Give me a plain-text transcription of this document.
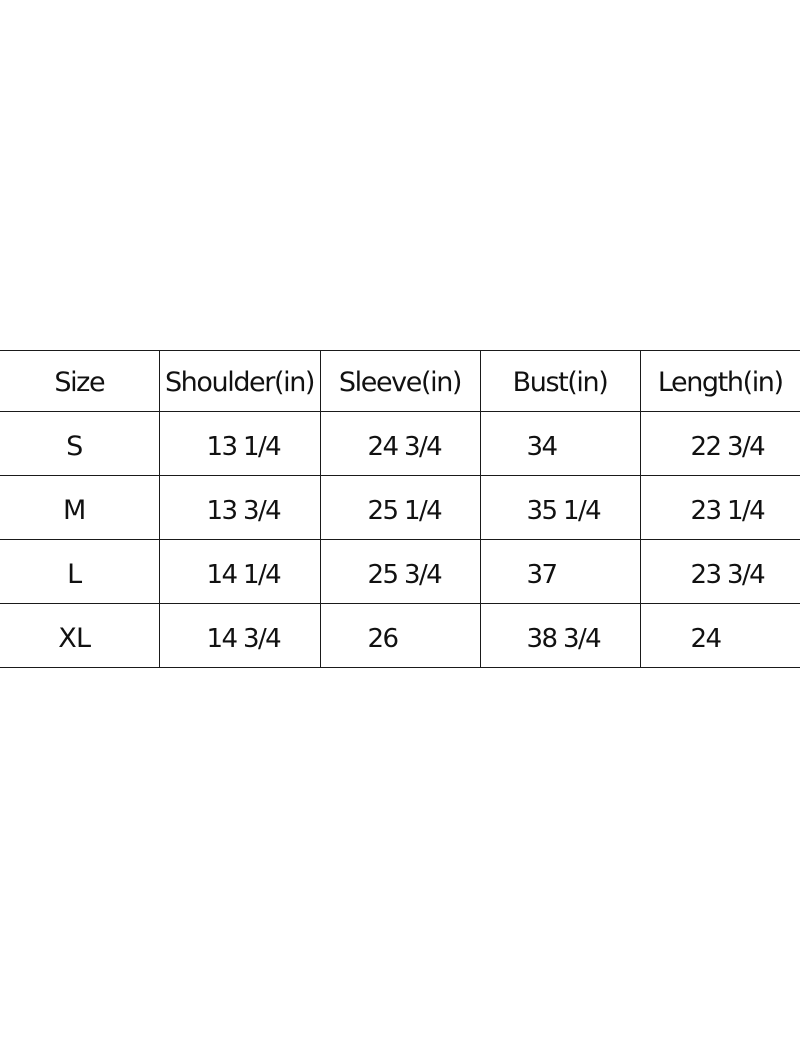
Size	Shoulder(in)	Sleeve(in)	Bust(in)	Length(in)
S	13 1/4	24 3/4	34	22 3/4
M	13 3/4	25 1/4	35 1/4	23 1/4
L	14 1/4	25 3/4	37	23 3/4
XL	14 3/4	26	38 3/4	24
